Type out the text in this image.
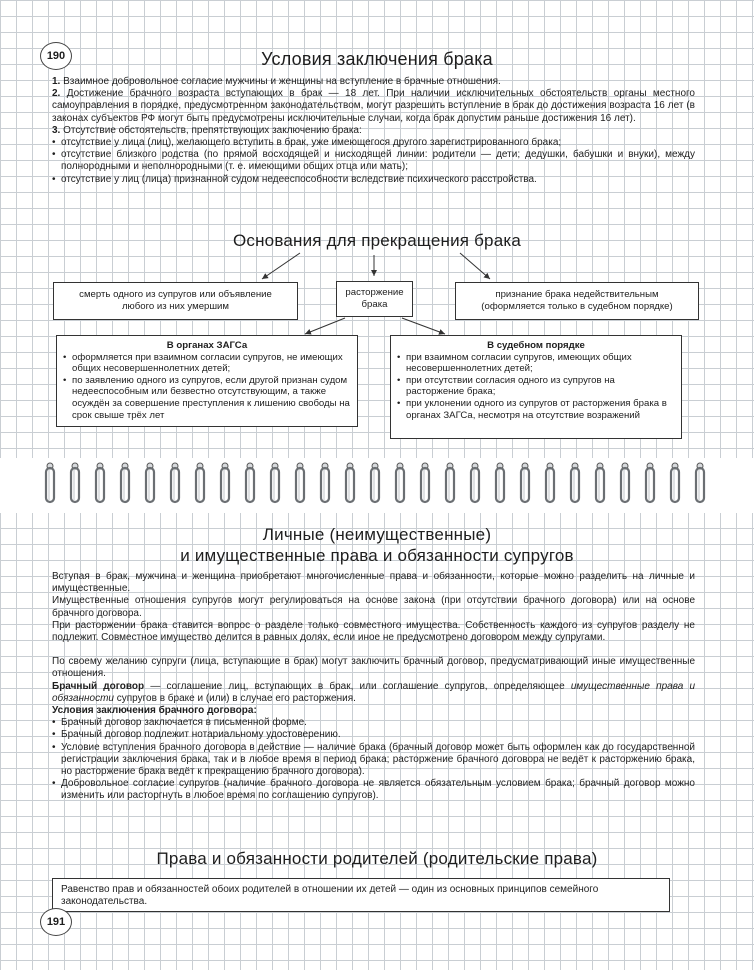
190	Условия заключения брака

1. Взаимное добровольное согласие мужчины и женщины на вступление в брачные отношения.

2. Достижение брачного возраста вступающих в брак — 18 лет. При наличии исключительных обстоятельств органы местного самоуправления в порядке, предусмотренном законодательством, могут разрешить вступление в брак до достижения возраста 16 лет (в законах субъектов РФ могут быть предусмотрены исключительные случаи, когда брак допустим раньше достижения 16 лет).

3. Отсутствие обстоятельств, препятствующих заключению брака:

• отсутствие у лица (лиц), желающего вступить в брак, уже имеющегося другого зарегистрированного брака;

• отсутствие близкого родства (по прямой восходящей и нисходящей линии: родители — дети; дедушки, бабушки и внуки), между полнородными и неполнородными (т. е. имеющими общих отца или мать);

• отсутствие у лиц (лица) признанной судом недееспособности вследствие психического расстройства.

Основания для прекращения брака
смерть одного из супругов или объявление любого из них умершим
расторжение брака
признание брака недействительным (оформляется только в судебном порядке)

В органах ЗАГСа

• оформляется при взаимном согласии супругов, не имеющих общих несовершеннолетних детей;

• по заявлению одного из супругов, если другой признан судом недееспособным или безвестно отсутствующим, а также осуждён за совершение преступления к лишению свободы на срок свыше трёх лет

В судебном порядке

• при взаимном согласии супругов, имеющих общих несовершеннолетних детей;

• при отсутствии согласия одного из супругов на расторжение брака;

• при уклонении одного из супругов от расторжения брака в органах ЗАГСа, несмотря на отсутствие возражений

Личные (неимущественные)
и имущественные права и обязанности супругов

Вступая в брак, мужчина и женщина приобретают многочисленные права и обязанности, которые можно разделить на личные и имущественные.

Имущественные отношения супругов могут регулироваться на основе закона (при отсутствии брачного договора) или на основе брачного договора.

При расторжении брака ставится вопрос о разделе только совместного имущества. Собственность каждого из супругов разделу не подлежит. Совместное имущество делится в равных долях, если иное не предусмотрено договором между супругами.

По своему желанию супруги (лица, вступающие в брак) могут заключить брачный договор, предусматривающий иные имущественные отношения.

Брачный договор — соглашение лиц, вступающих в брак, или соглашение супругов, определяющее имущественные права и обязанности супругов в браке и (или) в случае его расторжения.

Условия заключения брачного договора:

• Брачный договор заключается в письменной форме.

• Брачный договор подлежит нотариальному удостоверению.

• Условие вступления брачного договора в действие — наличие брака (брачный договор может быть оформлен как до государственной регистрации заключения брака, так и в любое время в период брака; расторжение брачного договора не ведёт к расторжению брака, но расторжение брака ведёт к прекращению брачного договора).

• Добровольное согласие супругов (наличие брачного договора не является обязательным условием брака; брачный договор можно изменить или расторгнуть в любое время по соглашению супругов).

Права и обязанности родителей (родительские права)
Равенство прав и обязанностей обоих родителей в отношении их детей — один из основных принципов семейного законодательства.
191
